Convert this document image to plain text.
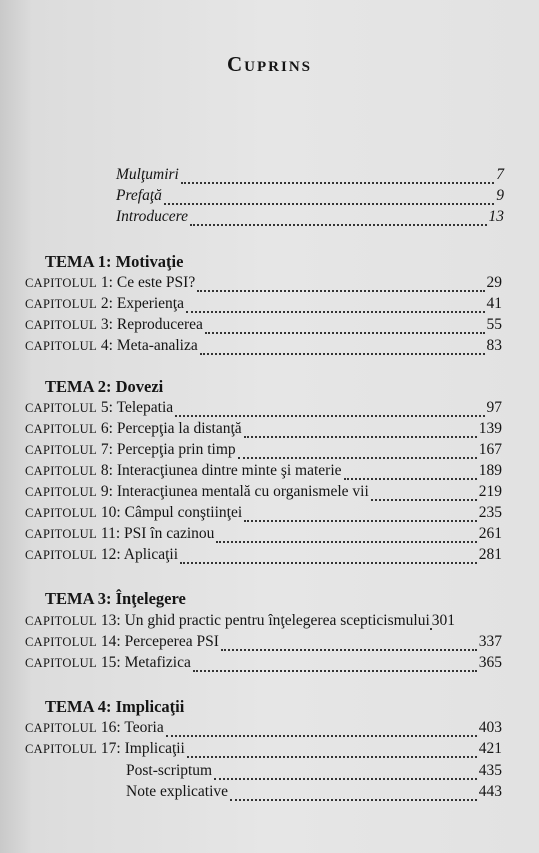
Cuprins
Mulţumiri	7
Prefaţă	9
Introducere	13
TEMA 1: Motivaţie
CAPITOLUL 1: Ce este PSI?	29
CAPITOLUL 2: Experienţa	41
CAPITOLUL 3: Reproducerea	55
CAPITOLUL 4: Meta-analiza	83
TEMA 2: Dovezi
CAPITOLUL 5: Telepatia	97
CAPITOLUL 6: Percepţia la distanţă	139
CAPITOLUL 7: Percepţia prin timp	167
CAPITOLUL 8: Interacţiunea dintre minte şi materie	189
CAPITOLUL 9: Interacţiunea mentală cu organismele vii	219
CAPITOLUL 10: Câmpul conştiinţei	235
CAPITOLUL 11: PSI în cazinou	261
CAPITOLUL 12: Aplicaţii	281
TEMA 3: Înţelegere
CAPITOLUL 13: Un ghid practic pentru înţelegerea scepticismului 301
CAPITOLUL 14: Perceperea PSI	337
CAPITOLUL 15: Metafizica	365
TEMA 4: Implicaţii
CAPITOLUL 16: Teoria	403
CAPITOLUL 17: Implicaţii	421
Post-scriptum	435
Note explicative	443
